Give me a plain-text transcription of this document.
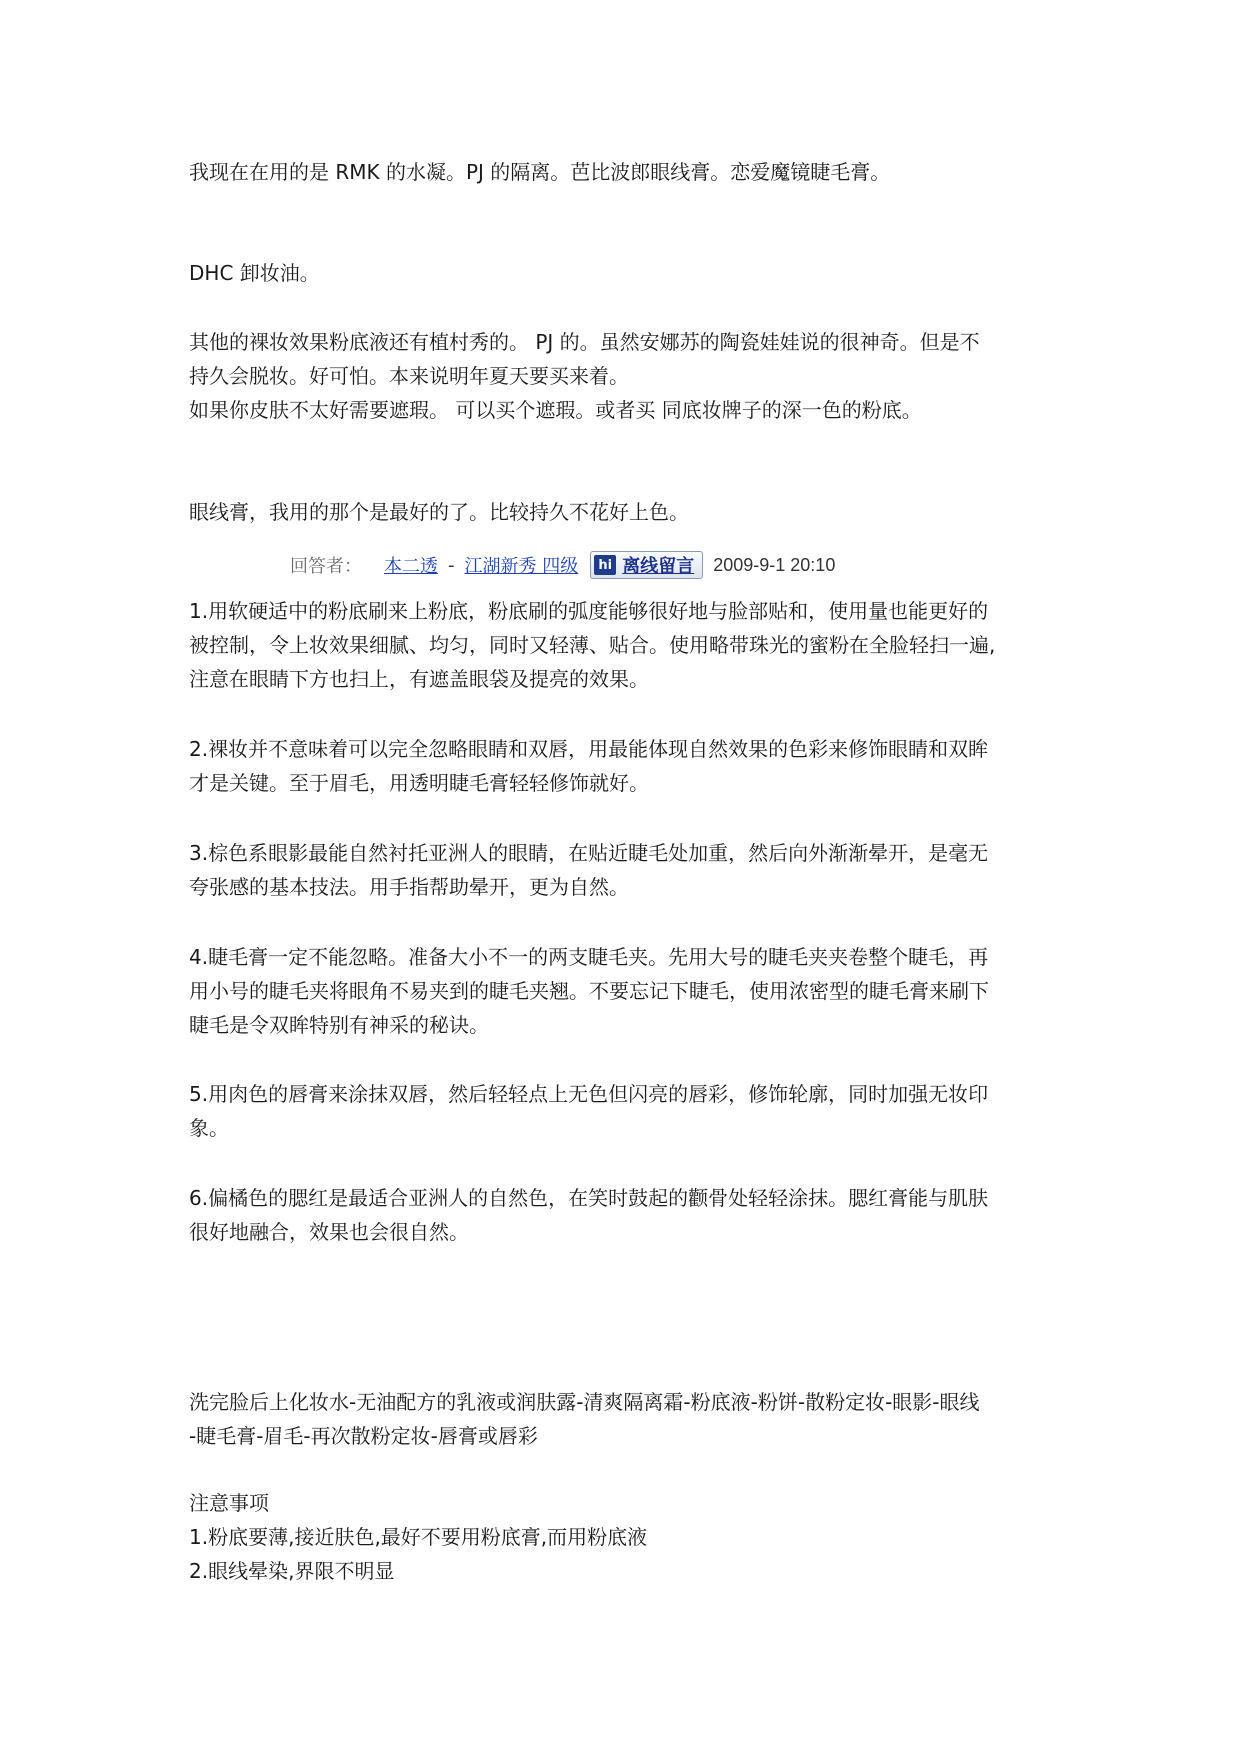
我现在在用的是 RMK 的水凝。PJ 的隔离。芭比波郎眼线膏。恋爱魔镜睫毛膏。

DHC 卸妆油。

其他的裸妆效果粉底液还有植村秀的。 PJ 的。虽然安娜苏的陶瓷娃娃说的很神奇。但是不

持久会脱妆。好可怕。本来说明年夏天要买来着。

如果你皮肤不太好需要遮瑕。 可以买个遮瑕。或者买 同底妆牌子的深一色的粉底。

眼线膏，我用的那个是最好的了。比较持久不花好上色。

回答者： 本二透 - 江湖新秀 四级	hi 离线留言 2009-9-1 20:10

1.用软硬适中的粉底刷来上粉底，粉底刷的弧度能够很好地与脸部贴和，使用量也能更好的

被控制，令上妆效果细腻、均匀，同时又轻薄、贴合。使用略带珠光的蜜粉在全脸轻扫一遍,

注意在眼睛下方也扫上，有遮盖眼袋及提亮的效果。

2.裸妆并不意味着可以完全忽略眼睛和双唇，用最能体现自然效果的色彩来修饰眼睛和双眸

才是关键。至于眉毛，用透明睫毛膏轻轻修饰就好。

3.棕色系眼影最能自然衬托亚洲人的眼睛，在贴近睫毛处加重，然后向外渐渐晕开，是毫无

夸张感的基本技法。用手指帮助晕开，更为自然。

4.睫毛膏一定不能忽略。准备大小不一的两支睫毛夹。先用大号的睫毛夹夹卷整个睫毛，再

用小号的睫毛夹将眼角不易夹到的睫毛夹翘。不要忘记下睫毛，使用浓密型的睫毛膏来刷下

睫毛是令双眸特别有神采的秘诀。

5.用肉色的唇膏来涂抹双唇，然后轻轻点上无色但闪亮的唇彩，修饰轮廓，同时加强无妆印

象。

6.偏橘色的腮红是最适合亚洲人的自然色，在笑时鼓起的颧骨处轻轻涂抹。腮红膏能与肌肤

很好地融合，效果也会很自然。

洗完脸后上化妆水-无油配方的乳液或润肤露-清爽隔离霜-粉底液-粉饼-散粉定妆-眼影-眼线

-睫毛膏-眉毛-再次散粉定妆-唇膏或唇彩

注意事项

1.粉底要薄,接近肤色,最好不要用粉底膏,而用粉底液

2.眼线晕染,界限不明显
